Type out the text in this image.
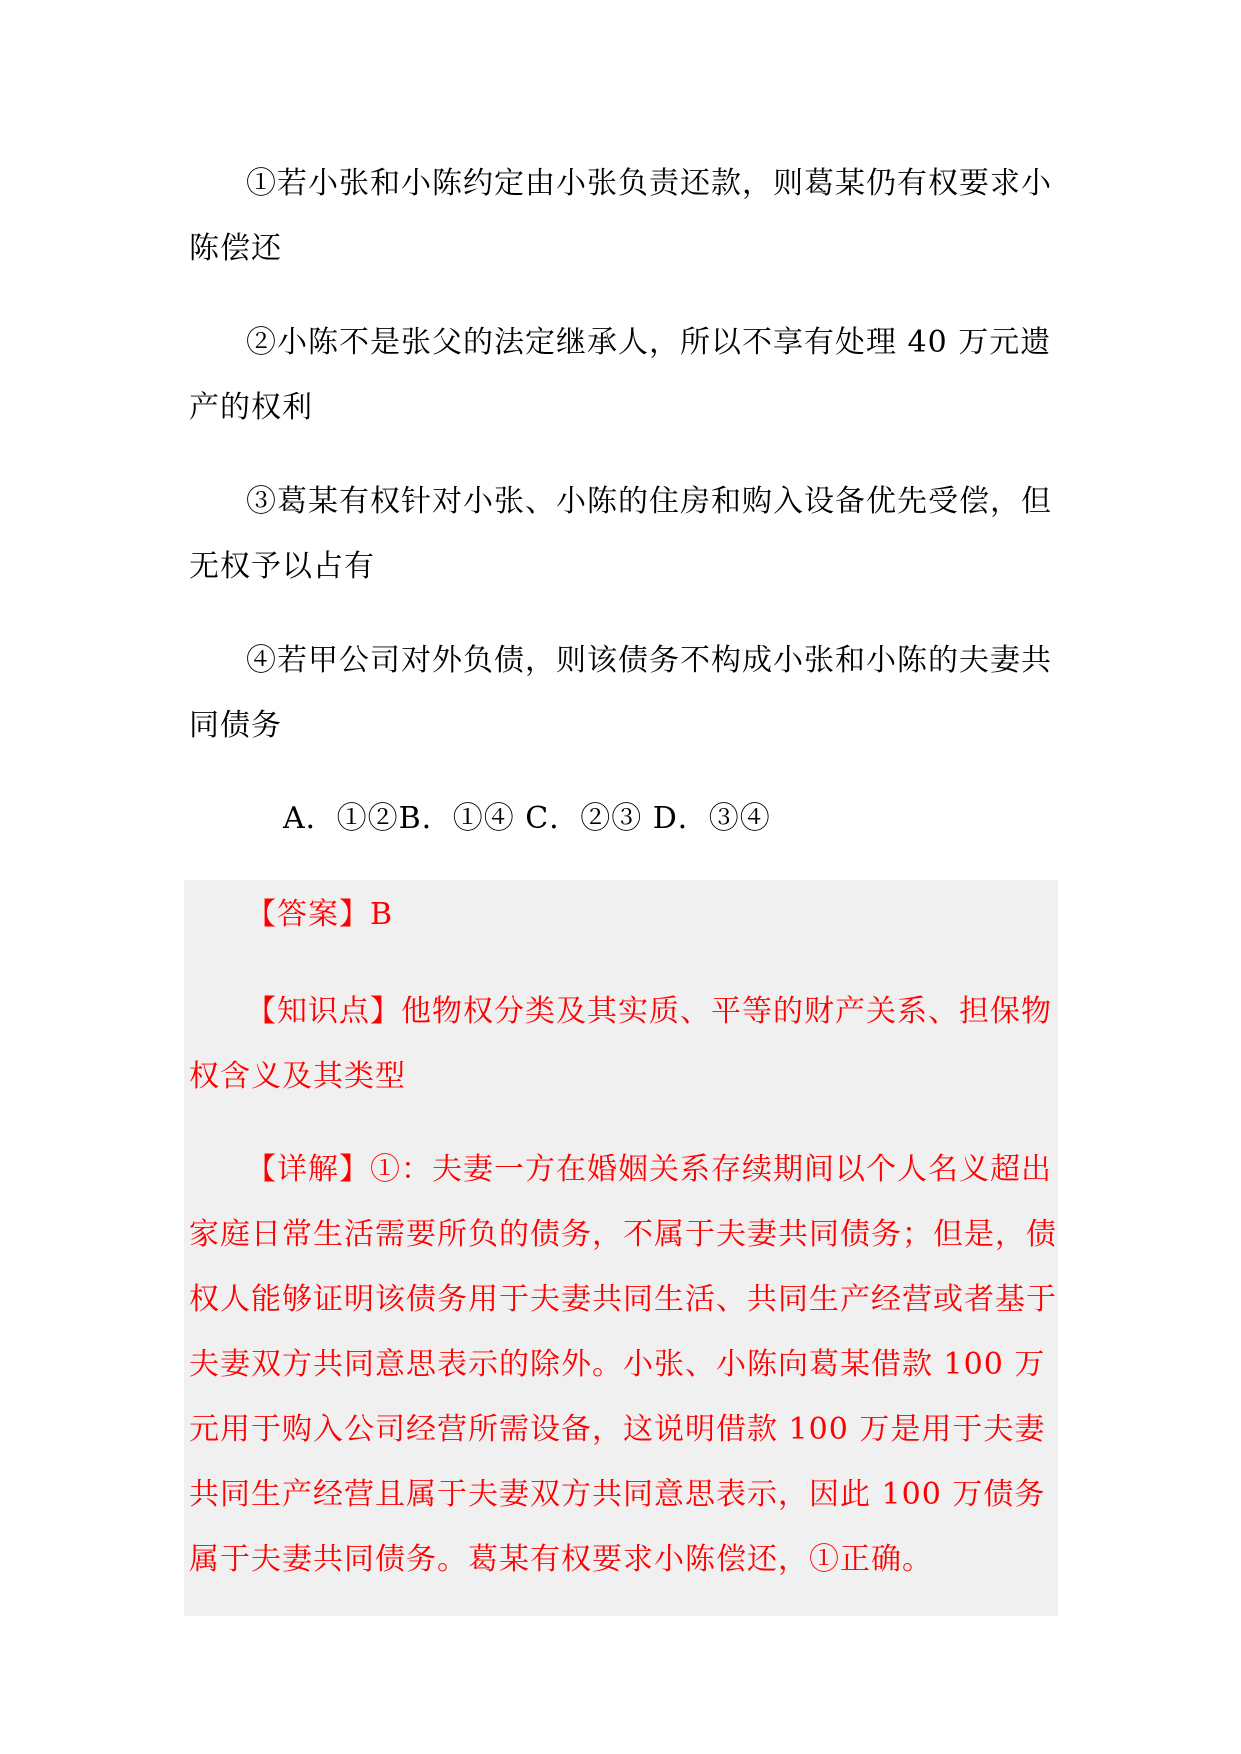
①若小张和小陈约定由小张负责还款，则葛某仍有权要求小陈偿还

②小陈不是张父的法定继承人，所以不享有处理 40 万元遗产的权利

③葛某有权针对小张、小陈的住房和购入设备优先受偿，但无权予以占有

④若甲公司对外负债，则该债务不构成小张和小陈的夫妻共同债务

A．①②B．①④ C．②③ D．③④

【答案】B

【知识点】他物权分类及其实质、平等的财产关系、担保物权含义及其类型

【详解】①：夫妻一方在婚姻关系存续期间以个人名义超出家庭日常生活需要所负的债务，不属于夫妻共同债务；但是，债权人能够证明该债务用于夫妻共同生活、共同生产经营或者基于夫妻双方共同意思表示的除外。小张、小陈向葛某借款 100 万元用于购入公司经营所需设备，这说明借款 100 万是用于夫妻共同生产经营且属于夫妻双方共同意思表示，因此 100 万债务属于夫妻共同债务。葛某有权要求小陈偿还，①正确。
